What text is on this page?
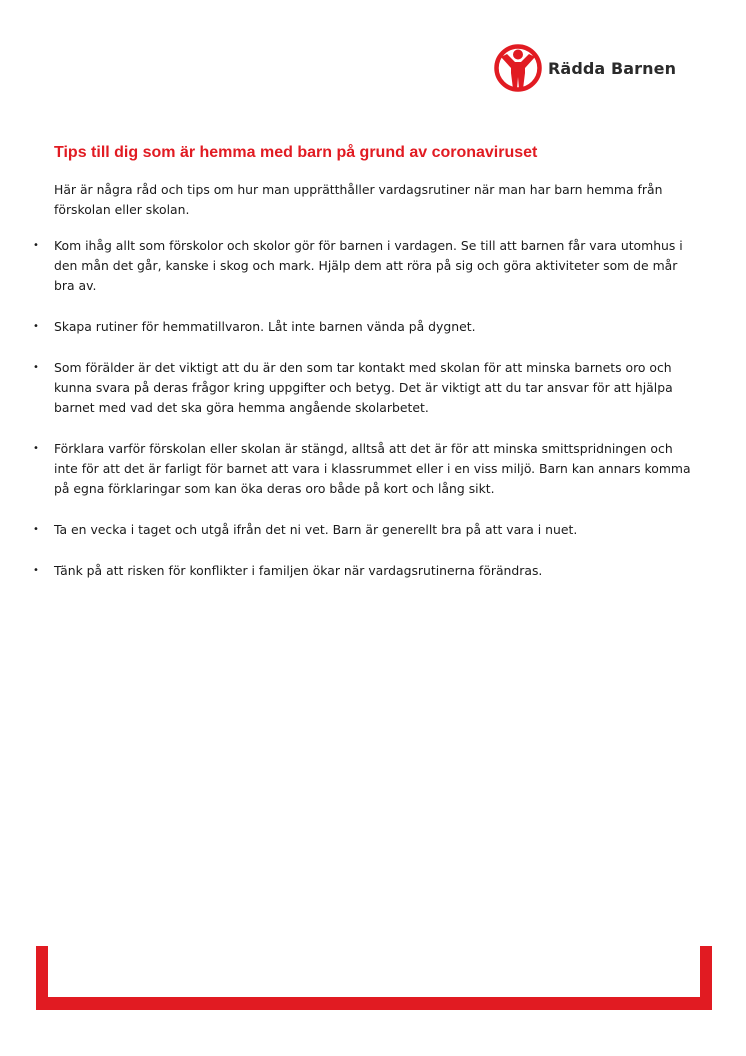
Rädda Barnen
Tips till dig som är hemma med barn på grund av coronaviruset

Här är några råd och tips om hur man upprätthåller vardagsrutiner när man har barn hemma från förskolan eller skolan.

• Kom ihåg allt som förskolor och skolor gör för barnen i vardagen. Se till att barnen får vara utomhus i den mån det går, kanske i skog och mark. Hjälp dem att röra på sig och göra aktiviteter som de mår bra av.
• Skapa rutiner för hemmatillvaron. Låt inte barnen vända på dygnet.
• Som förälder är det viktigt att du är den som tar kontakt med skolan för att minska barnets oro och kunna svara på deras frågor kring uppgifter och betyg. Det är viktigt att du tar ansvar för att hjälpa barnet med vad det ska göra hemma angående skolarbetet.
• Förklara varför förskolan eller skolan är stängd, alltså att det är för att minska smittspridningen och inte för att det är farligt för barnet att vara i klassrummet eller i en viss miljö. Barn kan annars komma på egna förklaringar som kan öka deras oro både på kort och lång sikt.
• Ta en vecka i taget och utgå ifrån det ni vet. Barn är generellt bra på att vara i nuet.
• Tänk på att risken för konflikter i familjen ökar när vardagsrutinerna förändras.
